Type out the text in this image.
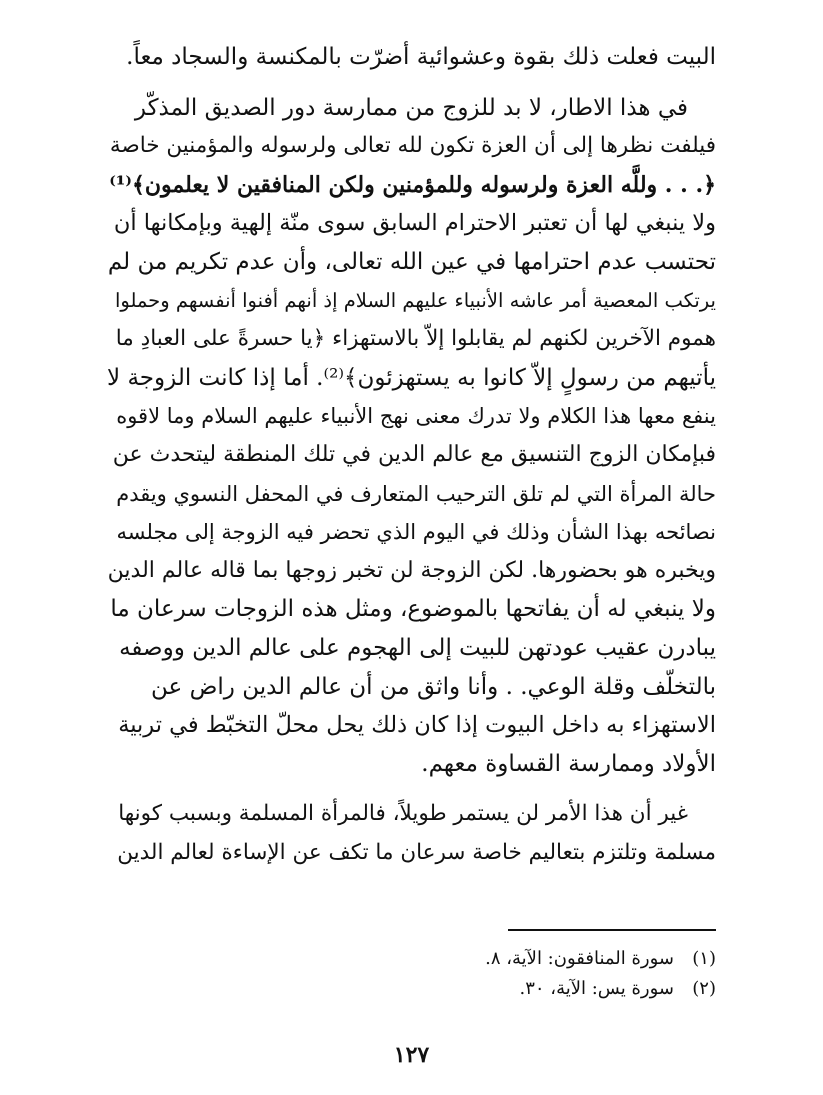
البيت فعلت ذلك بقوة وعشوائية أضرّت بالمكنسة والسجاد معاً.
في هذا الاطار، لا بد للزوج من ممارسة دور الصديق المذكّر
فيلفت نظرها إلى أن العزة تكون لله تعالى ولرسوله والمؤمنين خاصة
﴿. . . وللَّه العزة ولرسوله وللمؤمنين ولكن المنافقين لا يعلمون﴾⁽¹⁾
ولا ينبغي لها أن تعتبر الاحترام السابق سوى منّة إلهية وبإمكانها أن
تحتسب عدم احترامها في عين الله تعالى، وأن عدم تكريم من لم
يرتكب المعصية أمر عاشه الأنبياء عليهم السلام إذ أنهم أفنوا أنفسهم وحملوا
هموم الآخرين لكنهم لم يقابلوا إلاّ بالاستهزاء ﴿يا حسرةً على العبادِ ما
يأتيهم من رسولٍ إلاّ كانوا به يستهزئون﴾⁽²⁾. أما إذا كانت الزوجة لا
ينفع معها هذا الكلام ولا تدرك معنى نهج الأنبياء عليهم السلام وما لاقوه
فبإمكان الزوج التنسيق مع عالم الدين في تلك المنطقة ليتحدث عن
حالة المرأة التي لم تلق الترحيب المتعارف في المحفل النسوي ويقدم
نصائحه بهذا الشأن وذلك في اليوم الذي تحضر فيه الزوجة إلى مجلسه
ويخبره هو بحضورها. لكن الزوجة لن تخبر زوجها بما قاله عالم الدين
ولا ينبغي له أن يفاتحها بالموضوع، ومثل هذه الزوجات سرعان ما
يبادرن عقيب عودتهن للبيت إلى الهجوم على عالم الدين ووصفه
بالتخلّف وقلة الوعي. . وأنا واثق من أن عالم الدين راض عن
الاستهزاء به داخل البيوت إذا كان ذلك يحل محلّ التخبّط في تربية
الأولاد وممارسة القساوة معهم.
غير أن هذا الأمر لن يستمر طويلاً، فالمرأة المسلمة وبسبب كونها
مسلمة وتلتزم بتعاليم خاصة سرعان ما تكف عن الإساءة لعالم الدين
(١)سورة المنافقون: الآية، ٨.
(٢)سورة يس: الآية، ٣٠.
١٢٧
